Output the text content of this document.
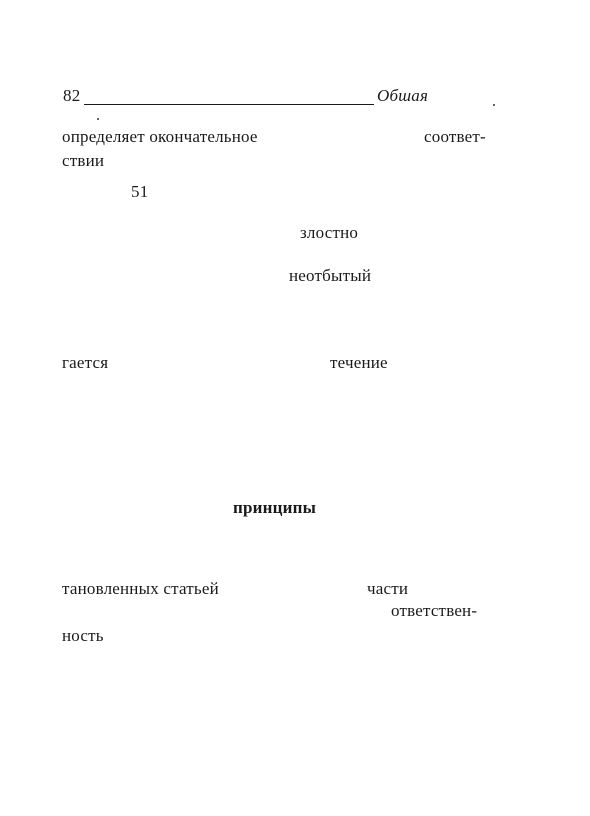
82	Обшая
определяет окончательное	соответ-
ствии
51
злостно
неотбытый
гается	течение
принципы
тановленных статьей	части
ответствен-
ность
